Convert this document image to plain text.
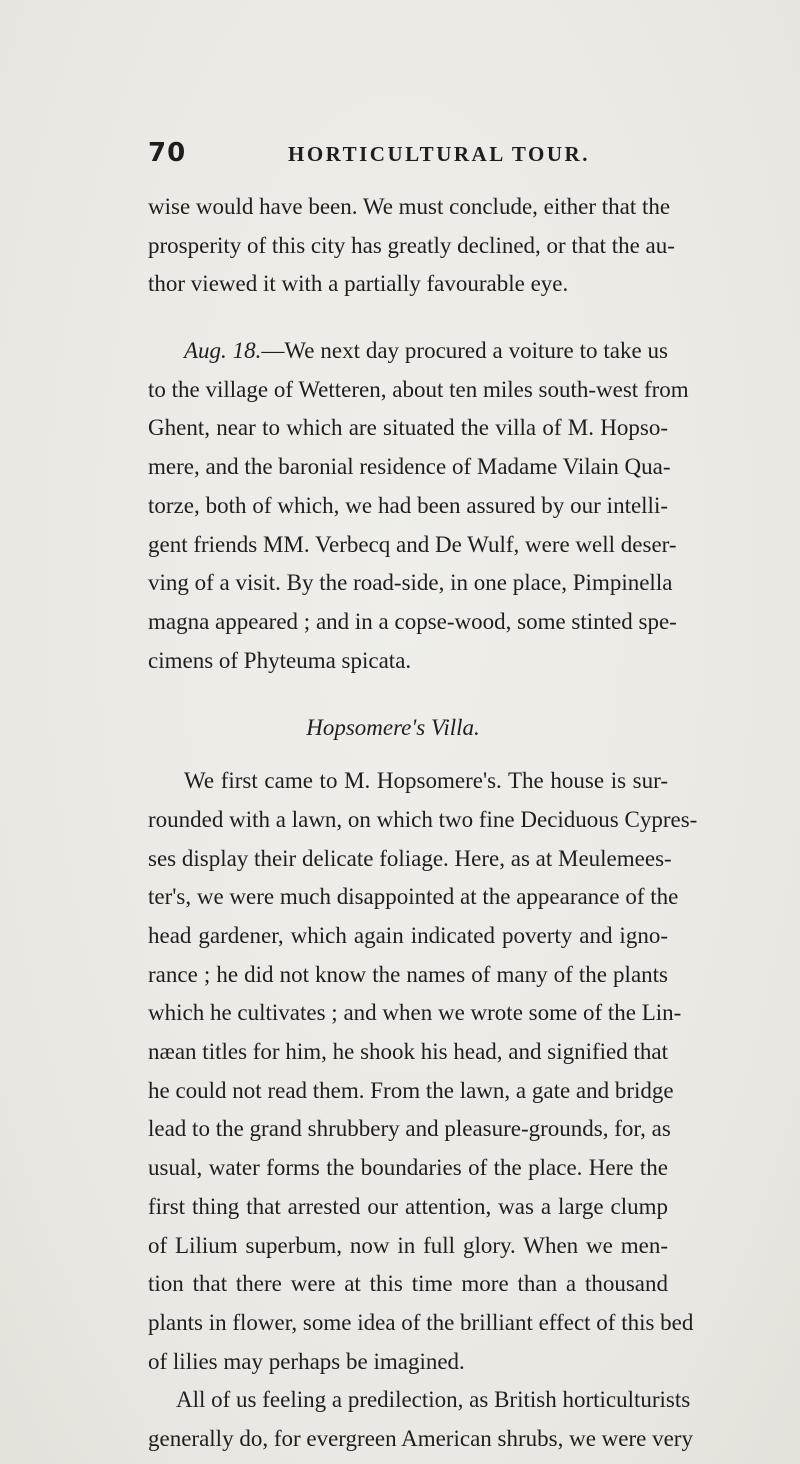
70	HORTICULTURAL TOUR.
wise would have been. We must conclude, either that the
prosperity of this city has greatly declined, or that the au-
thor viewed it with a partially favourable eye.
Aug. 18.—We next day procured a voiture to take us
to the village of Wetteren, about ten miles south-west from
Ghent, near to which are situated the villa of M. Hopso-
mere, and the baronial residence of Madame Vilain Qua-
torze, both of which, we had been assured by our intelli-
gent friends MM. Verbecq and De Wulf, were well deser-
ving of a visit. By the road-side, in one place, Pimpinella
magna appeared ; and in a copse-wood, some stinted spe-
cimens of Phyteuma spicata.
Hopsomere's Villa.
We first came to M. Hopsomere's. The house is sur-
rounded with a lawn, on which two fine Deciduous Cypres-
ses display their delicate foliage. Here, as at Meulemees-
ter's, we were much disappointed at the appearance of the
head gardener, which again indicated poverty and igno-
rance ; he did not know the names of many of the plants
which he cultivates ; and when we wrote some of the Lin-
næan titles for him, he shook his head, and signified that
he could not read them. From the lawn, a gate and bridge
lead to the grand shrubbery and pleasure-grounds, for, as
usual, water forms the boundaries of the place. Here the
first thing that arrested our attention, was a large clump
of Lilium superbum, now in full glory. When we men-
tion that there were at this time more than a thousand
plants in flower, some idea of the brilliant effect of this bed
of lilies may perhaps be imagined.
All of us feeling a predilection, as British horticulturists
generally do, for evergreen American shrubs, we were very
